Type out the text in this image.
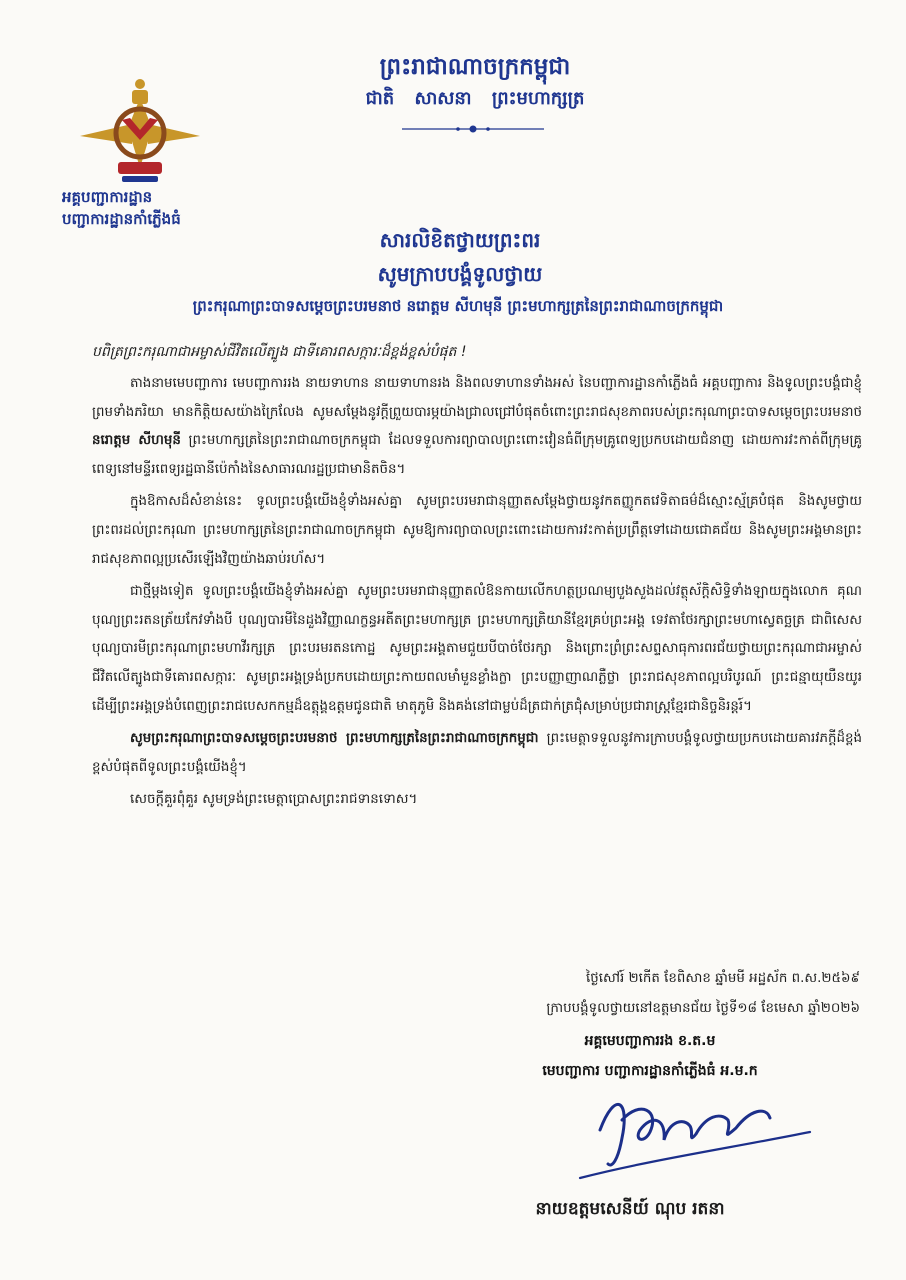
អគ្គបញ្ជាការដ្ឋាន
បញ្ជាការដ្ឋានកាំភ្លើងធំ
ព្រះរាជាណាចក្រកម្ពុជា
ជាតិ សាសនា ព្រះមហាក្សត្រ
សារលិខិតថ្វាយព្រះពរ
សូមក្រាបបង្គំទូលថ្វាយ
ព្រះករុណាព្រះបាទសម្តេចព្រះបរមនាថ នរោត្តម សីហមុនី ព្រះមហាក្សត្រនៃព្រះរាជាណាចក្រកម្ពុជា
បពិត្រព្រះករុណាជាអម្ចាស់ជីវិតលើត្បូង ជាទីគោរពសក្ការៈដ៏ខ្ពង់ខ្ពស់បំផុត !

តាងនាមមេបញ្ជាការ មេបញ្ជាការរង នាយទាហាន នាយទាហានរង និងពលទាហានទាំងអស់ នៃបញ្ជាការដ្ឋានកាំភ្លើងធំ អគ្គបញ្ជាការ និងទូលព្រះបង្គំជាខ្ញុំ ព្រមទាំងភរិយា មានកិត្តិយសយ៉ាងក្រៃលែង សូមសម្តែងនូវក្តីព្រួយបារម្ភយ៉ាងជ្រាលជ្រៅបំផុតចំពោះព្រះរាជសុខភាពរបស់ព្រះករុណាព្រះបាទសម្តេចព្រះបរមនាថ នរោត្តម សីហមុនី ព្រះមហាក្សត្រនៃព្រះរាជាណាចក្រកម្ពុជា ដែលទទួលការព្យាបាលព្រះពោះវៀនធំពីក្រុមគ្រូពេទ្យប្រកបដោយជំនាញ ដោយការវះកាត់ពីក្រុមគ្រូពេទ្យនៅមន្ទីរពេទ្យរដ្ឋធានីប៉េកាំងនៃសាធារណរដ្ឋប្រជាមានិតចិន។

ក្នុងឱកាសដ៏សំខាន់នេះ ទូលព្រះបង្គំយើងខ្ញុំទាំងអស់គ្នា សូមព្រះបរមរាជានុញ្ញាតសម្តែងថ្វាយនូវកតញ្ញូកតវេទិតាធម៌ដ៏ស្មោះស្ម័គ្របំផុត និងសូមថ្វាយព្រះពរដល់ព្រះករុណា ព្រះមហាក្សត្រនៃព្រះរាជាណាចក្រកម្ពុជា សូមឱ្យការព្យាបាលព្រះពោះដោយការវះកាត់ប្រព្រឹត្តទៅដោយជោគជ័យ និងសូមព្រះអង្គមានព្រះរាជសុខភាពល្អប្រសើរឡើងវិញយ៉ាងឆាប់រហ័ស។

ជាថ្មីម្តងទៀត ទូលព្រះបង្គំយើងខ្ញុំទាំងអស់គ្នា សូមព្រះបរមរាជានុញ្ញាតលំឱនកាយលើកហត្ថប្រណម្យបួងសួងដល់វត្ថុស័ក្តិសិទ្ធិទាំងឡាយក្នុងលោក គុណបុណ្យព្រះរតនត្រ័យកែវទាំងបី បុណ្យបារមីនៃដួងវិញ្ញាណក្ខន្ធអតីតព្រះមហាក្សត្រ ព្រះមហាក្សត្រិយានីខ្មែរគ្រប់ព្រះអង្គ ទេវតាថែរក្សាព្រះមហាស្វេតច្ឆត្រ ជាពិសេសបុណ្យបារមីព្រះករុណាព្រះមហាវីរក្សត្រ ព្រះបរមរតនកោដ្ឋ សូមព្រះអង្គតាមជួយបីបាច់ថែរក្សា និងព្រោះព្រំព្រះសព្ទសាធុការពរជ័យថ្វាយព្រះករុណាជាអម្ចាស់ជីវិតលើត្បូងជាទីគោរពសក្ការៈ សូមព្រះអង្គទ្រង់ប្រកបដោយព្រះកាយពលមាំមួនខ្លាំងក្លា ព្រះបញ្ញាញាណភ្លឺថ្លា ព្រះរាជសុខភាពល្អបរិបូរណ៍ ព្រះជន្មាយុយឺនយូរ ដើម្បីព្រះអង្គទ្រង់បំពេញព្រះរាជបេសកកម្មដ៏ឧត្តុង្គឧត្តមជូនជាតិ មាតុភូមិ និងគង់នៅជាម្លប់ដ៏ត្រជាក់ត្រជុំសម្រាប់ប្រជារាស្ត្រខ្មែរជានិច្ចនិរន្តរ៍។

សូមព្រះករុណាព្រះបាទសម្តេចព្រះបរមនាថ ព្រះមហាក្សត្រនៃព្រះរាជាណាចក្រកម្ពុជា ព្រះមេត្តាទទួលនូវការក្រាបបង្គំទូលថ្វាយប្រកបដោយគារវភក្តីដ៏ខ្ពង់ខ្ពស់បំផុតពីទូលព្រះបង្គំយើងខ្ញុំ។

សេចក្តីគួរពុំគួរ សូមទ្រង់ព្រះមេត្តាប្រោសព្រះរាជទានទោស។

ថ្ងៃសៅរ៍ ២កើត ខែពិសាខ ឆ្នាំមមី អដ្ឋស័ក ព.ស.២៥៦៩
ក្រាបបង្គំទូលថ្វាយនៅឧត្តមានជ័យ ថ្ងៃទី១៨ ខែមេសា ឆ្នាំ២០២៦
អគ្គមេបញ្ជាការរង ខ.ត.ម
មេបញ្ជាការ បញ្ជាការដ្ឋានកាំភ្លើងធំ អ.ម.ក
នាយឧត្តមសេនីយ៍ ណុប រតនា
